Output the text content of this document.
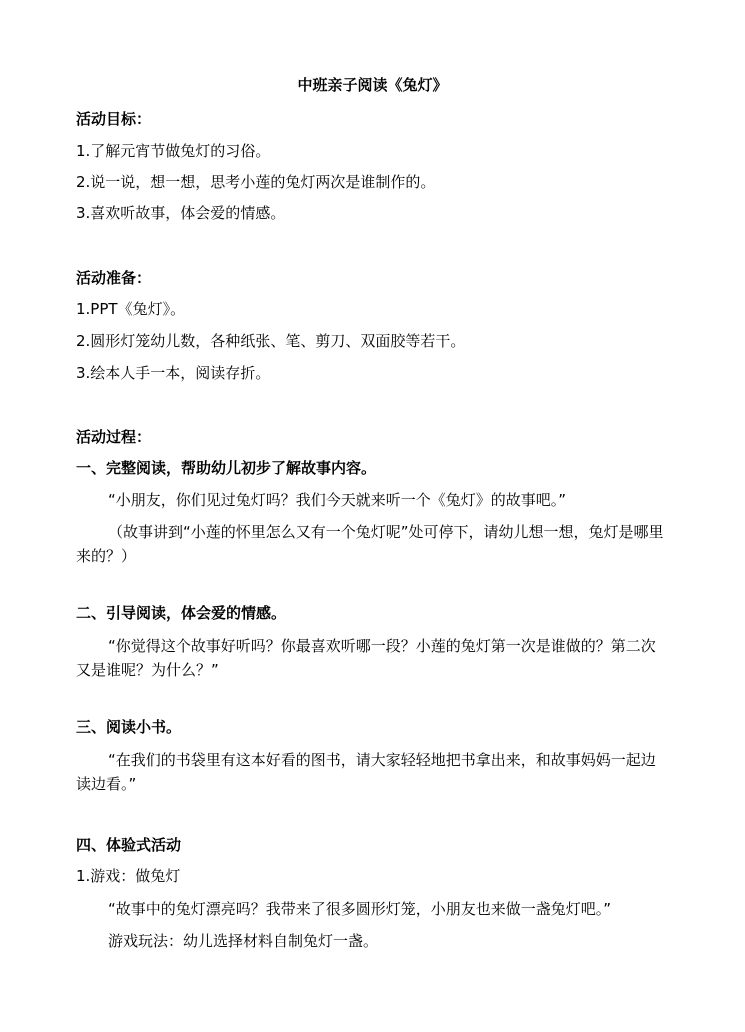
中班亲子阅读《兔灯》
活动目标：
1.了解元宵节做兔灯的习俗。
2.说一说，想一想，思考小莲的兔灯两次是谁制作的。
3.喜欢听故事，体会爱的情感。
活动准备：
1.PPT《兔灯》。
2.圆形灯笼幼儿数，各种纸张、笔、剪刀、双面胶等若干。
3.绘本人手一本，阅读存折。
活动过程：
一、完整阅读，帮助幼儿初步了解故事内容。
“小朋友，你们见过兔灯吗？我们今天就来听一个《兔灯》的故事吧。”
（故事讲到“小莲的怀里怎么又有一个兔灯呢”处可停下，请幼儿想一想，兔灯是哪里来的？）
二、引导阅读，体会爱的情感。
“你觉得这个故事好听吗？你最喜欢听哪一段？小莲的兔灯第一次是谁做的？第二次又是谁呢？为什么？”
三、阅读小书。
“在我们的书袋里有这本好看的图书，请大家轻轻地把书拿出来，和故事妈妈一起边读边看。”
四、体验式活动
1.游戏：做兔灯
“故事中的兔灯漂亮吗？我带来了很多圆形灯笼，小朋友也来做一盏兔灯吧。”
游戏玩法：幼儿选择材料自制兔灯一盏。
